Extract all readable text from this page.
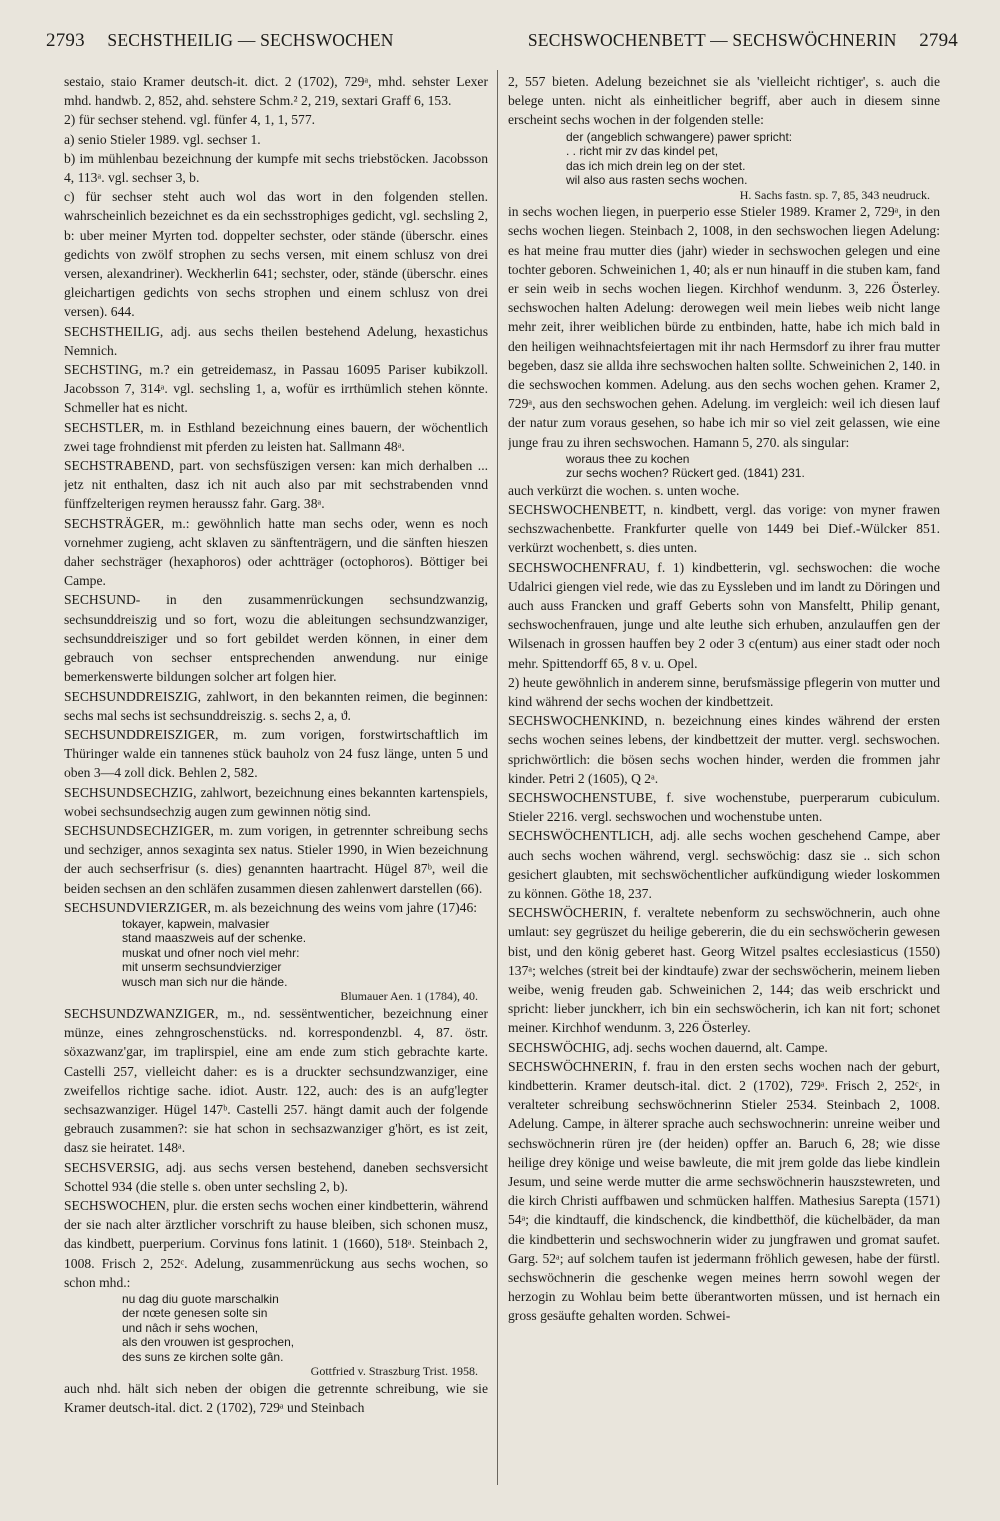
2793 SECHSTHEILIG — SECHSWOCHEN	SECHSWOCHENBETT — SECHSWÖCHNERIN 2794

sestaio, staio Kramer deutsch-it. dict. 2 (1702), 729ᵃ, mhd. sehster Lexer mhd. handwb. 2, 852, ahd. sehstere Schm.² 2, 219, sextari Graff 6, 153.

2) für sechser stehend. vgl. fünfer 4, 1, 1, 577.

a) senio Stieler 1989. vgl. sechser 1.

b) im mühlenbau bezeichnung der kumpfe mit sechs triebstöcken. Jacobsson 4, 113ᵃ. vgl. sechser 3, b.

c) für sechser steht auch wol das wort in den folgenden stellen. wahrscheinlich bezeichnet es da ein sechsstrophiges gedicht, vgl. sechsling 2, b: uber meiner Myrten tod. doppelter sechster, oder stände (überschr. eines gedichts von zwölf strophen zu sechs versen, mit einem schlusz von drei versen, alexandriner). Weckherlin 641; sechster, oder, stände (überschr. eines gleichartigen gedichts von sechs strophen und einem schlusz von drei versen). 644.

SECHSTHEILIG, adj. aus sechs theilen bestehend Adelung, hexastichus Nemnich.

SECHSTING, m.? ein getreidemasz, in Passau 16095 Pariser kubikzoll. Jacobsson 7, 314ᵃ. vgl. sechsling 1, a, wofür es irrthümlich stehen könnte. Schmeller hat es nicht.

SECHSTLER, m. in Esthland bezeichnung eines bauern, der wöchentlich zwei tage frohndienst mit pferden zu leisten hat. Sallmann 48ᵃ.

SECHSTRABEND, part. von sechsfüszigen versen: kan mich derhalben ... jetz nit enthalten, dasz ich nit auch also par mit sechstrabenden vnnd fünffzelterigen reymen heraussz fahr. Garg. 38ᵃ.

SECHSTRÄGER, m.: gewöhnlich hatte man sechs oder, wenn es noch vornehmer zugieng, acht sklaven zu sänftenträgern, und die sänften hieszen daher sechsträger (hexaphoros) oder achtträger (octophoros). Böttiger bei Campe.

SECHSUND- in den zusammenrückungen sechsundzwanzig, sechsunddreiszig und so fort, wozu die ableitungen sechsundzwanziger, sechsunddreisziger und so fort gebildet werden können, in einer dem gebrauch von sechser entsprechenden anwendung. nur einige bemerkenswerte bildungen solcher art folgen hier.

SECHSUNDDREISZIG, zahlwort, in den bekannten reimen, die beginnen: sechs mal sechs ist sechsunddreiszig. s. sechs 2, a, ϑ.

SECHSUNDDREISZIGER, m. zum vorigen, forstwirtschaftlich im Thüringer walde ein tannenes stück bauholz von 24 fusz länge, unten 5 und oben 3—4 zoll dick. Behlen 2, 582.

SECHSUNDSECHZIG, zahlwort, bezeichnung eines bekannten kartenspiels, wobei sechsundsechzig augen zum gewinnen nötig sind.

SECHSUNDSECHZIGER, m. zum vorigen, in getrennter schreibung sechs und sechziger, annos sexaginta sex natus. Stieler 1990, in Wien bezeichnung der auch sechserfrisur (s. dies) genannten haartracht. Hügel 87ᵇ, weil die beiden sechsen an den schläfen zusammen diesen zahlenwert darstellen (66).

SECHSUNDVIERZIGER, m. als bezeichnung des weins vom jahre (17)46:

tokayer, kapwein, malvasier
stand maaszweis auf der schenke.
muskat und ofner noch viel mehr:
mit unserm sechsundvierziger
wusch man sich nur die hände.
Blumauer Aen. 1 (1784), 40.

SECHSUNDZWANZIGER, m., nd. sessëntwenticher, bezeichnung einer münze, eines zehngroschenstücks. nd. korrespondenzbl. 4, 87. östr. söxazwanz'gar, im traplirspiel, eine am ende zum stich gebrachte karte. Castelli 257, vielleicht daher: es is a druckter sechsundzwanziger, eine zweifellos richtige sache. idiot. Austr. 122, auch: des is an aufg'legter sechsazwanziger. Hügel 147ᵇ. Castelli 257. hängt damit auch der folgende gebrauch zusammen?: sie hat schon in sechsazwanziger g'hört, es ist zeit, dasz sie heiratet. 148ᵃ.

SECHSVERSIG, adj. aus sechs versen bestehend, daneben sechsversicht Schottel 934 (die stelle s. oben unter sechsling 2, b).

SECHSWOCHEN, plur. die ersten sechs wochen einer kindbetterin, während der sie nach alter ärztlicher vorschrift zu hause bleiben, sich schonen musz, das kindbett, puerperium. Corvinus fons latinit. 1 (1660), 518ᵃ. Steinbach 2, 1008. Frisch 2, 252ᶜ. Adelung, zusammenrückung aus sechs wochen, so schon mhd.:

nu dag diu guote marschalkin
der nœte genesen solte sin
und nâch ir sehs wochen,
als den vrouwen ist gesprochen,
des suns ze kirchen solte gân.
Gottfried v. Straszburg Trist. 1958.

auch nhd. hält sich neben der obigen die getrennte schreibung, wie sie Kramer deutsch-ital. dict. 2 (1702), 729ᵃ und Steinbach

2, 557 bieten. Adelung bezeichnet sie als 'vielleicht richtiger', s. auch die belege unten. nicht als einheitlicher begriff, aber auch in diesem sinne erscheint sechs wochen in der folgenden stelle:

der (angeblich schwangere) pawer spricht:
. . richt mir zv das kindel pet,
das ich mich drein leg on der stet.
wil also aus rasten sechs wochen.
H. Sachs fastn. sp. 7, 85, 343 neudruck.

in sechs wochen liegen, in puerperio esse Stieler 1989. Kramer 2, 729ᵃ, in den sechs wochen liegen. Steinbach 2, 1008, in den sechswochen liegen Adelung: es hat meine frau mutter dies (jahr) wieder in sechswochen gelegen und eine tochter geboren. Schweinichen 1, 40; als er nun hinauff in die stuben kam, fand er sein weib in sechs wochen liegen. Kirchhof wendunm. 3, 226 Österley. sechswochen halten Adelung: derowegen weil mein liebes weib nicht lange mehr zeit, ihrer weiblichen bürde zu entbinden, hatte, habe ich mich bald in den heiligen weihnachtsfeiertagen mit ihr nach Hermsdorf zu ihrer frau mutter begeben, dasz sie allda ihre sechswochen halten sollte. Schweinichen 2, 140. in die sechswochen kommen. Adelung. aus den sechs wochen gehen. Kramer 2, 729ᵃ, aus den sechswochen gehen. Adelung. im vergleich: weil ich diesen lauf der natur zum vorаus gesehen, so habe ich mir so viel zeit gelassen, wie eine junge frau zu ihren sechswochen. Hamann 5, 270. als singular:

woraus thee zu kochen
zur sechs wochen? Rückert ged. (1841) 231.

auch verkürzt die wochen. s. unten woche.

SECHSWOCHENBETT, n. kindbett, vergl. das vorige: von myner frawen sechszwachenbette. Frankfurter quelle von 1449 bei Dief.-Wülcker 851. verkürzt wochenbett, s. dies unten.

SECHSWOCHENFRAU, f. 1) kindbetterin, vgl. sechswochen: die woche Udalrici giengen viel rede, wie das zu Eyssleben und im landt zu Döringen und auch auss Francken und graff Geberts sohn von Mansfeltt, Philip genant, sechswochenfrauen, junge und alte leuthe sich erhuben, anzulauffen gen der Wilsenach in grossen hauffen bey 2 oder 3 c(entum) aus einer stadt oder noch mehr. Spittendorff 65, 8 v. u. Opel.

2) heute gewöhnlich in anderem sinne, berufsmässige pflegerin von mutter und kind während der sechs wochen der kindbettzeit.

SECHSWOCHENKIND, n. bezeichnung eines kindes während der ersten sechs wochen seines lebens, der kindbettzeit der mutter. vergl. sechswochen. sprichwörtlich: die bösen sechs wochen hinder, werden die frommen jahr kinder. Petri 2 (1605), Q 2ᵃ.

SECHSWOCHENSTUBE, f. sive wochenstube, puerperarum cubiculum. Stieler 2216. vergl. sechswochen und wochenstube unten.

SECHSWÖCHENTLICH, adj. alle sechs wochen geschehend Campe, aber auch sechs wochen während, vergl. sechswöchig: dasz sie .. sich schon gesichert glaubten, mit sechswöchentlicher aufkündigung wieder loskommen zu können. Göthe 18, 237.

SECHSWÖCHERIN, f. veraltete nebenform zu sechswöchnerin, auch ohne umlaut: sey gegrüszet du heilige gebererin, die du ein sechswöcherin gewesen bist, und den könig geberet hast. Georg Witzel psaltes ecclesiasticus (1550) 137ᵃ; welches (streit bei der kindtaufe) zwar der sechswöcherin, meinem lieben weibe, wenig freuden gab. Schweinichen 2, 144; das weib erschrickt und spricht: lieber junckherr, ich bin ein sechswöcherin, ich kan nit fort; schonet meiner. Kirchhof wendunm. 3, 226 Österley.

SECHSWÖCHIG, adj. sechs wochen dauernd, alt. Campe.

SECHSWÖCHNERIN, f. frau in den ersten sechs wochen nach der geburt, kindbetterin. Kramer deutsch-ital. dict. 2 (1702), 729ᵃ. Frisch 2, 252ᶜ, in veralteter schreibung sechswöchnerinn Stieler 2534. Steinbach 2, 1008. Adelung. Campe, in älterer sprache auch sechswochnerin: unreine weiber und sechswöchnerin rüren jre (der heiden) opffer an. Baruch 6, 28; wie disse heilige drey könige und weise bawleute, die mit jrem golde das liebe kindlein Jesum, und seine werde mutter die arme sechswöchnerin hauszstewreten, und die kirch Christi auffbawen und schmücken halffen. Mathesius Sarepta (1571) 54ᵃ; die kindtauff, die kindschenck, die kindbetthöf, die küchelbäder, da man die kindbetterin und sechswochnerin wider zu jungfrawen und gromat saufet. Garg. 52ᵃ; auf solchem taufen ist jedermann fröhlich gewesen, habe der fürstl. sechswöchnerin die geschenke wegen meines herrn sowohl wegen der herzogin zu Wohlau beim bette überantworten müssen, und ist hernach ein gross gesäufte gehalten worden. Schwei-
